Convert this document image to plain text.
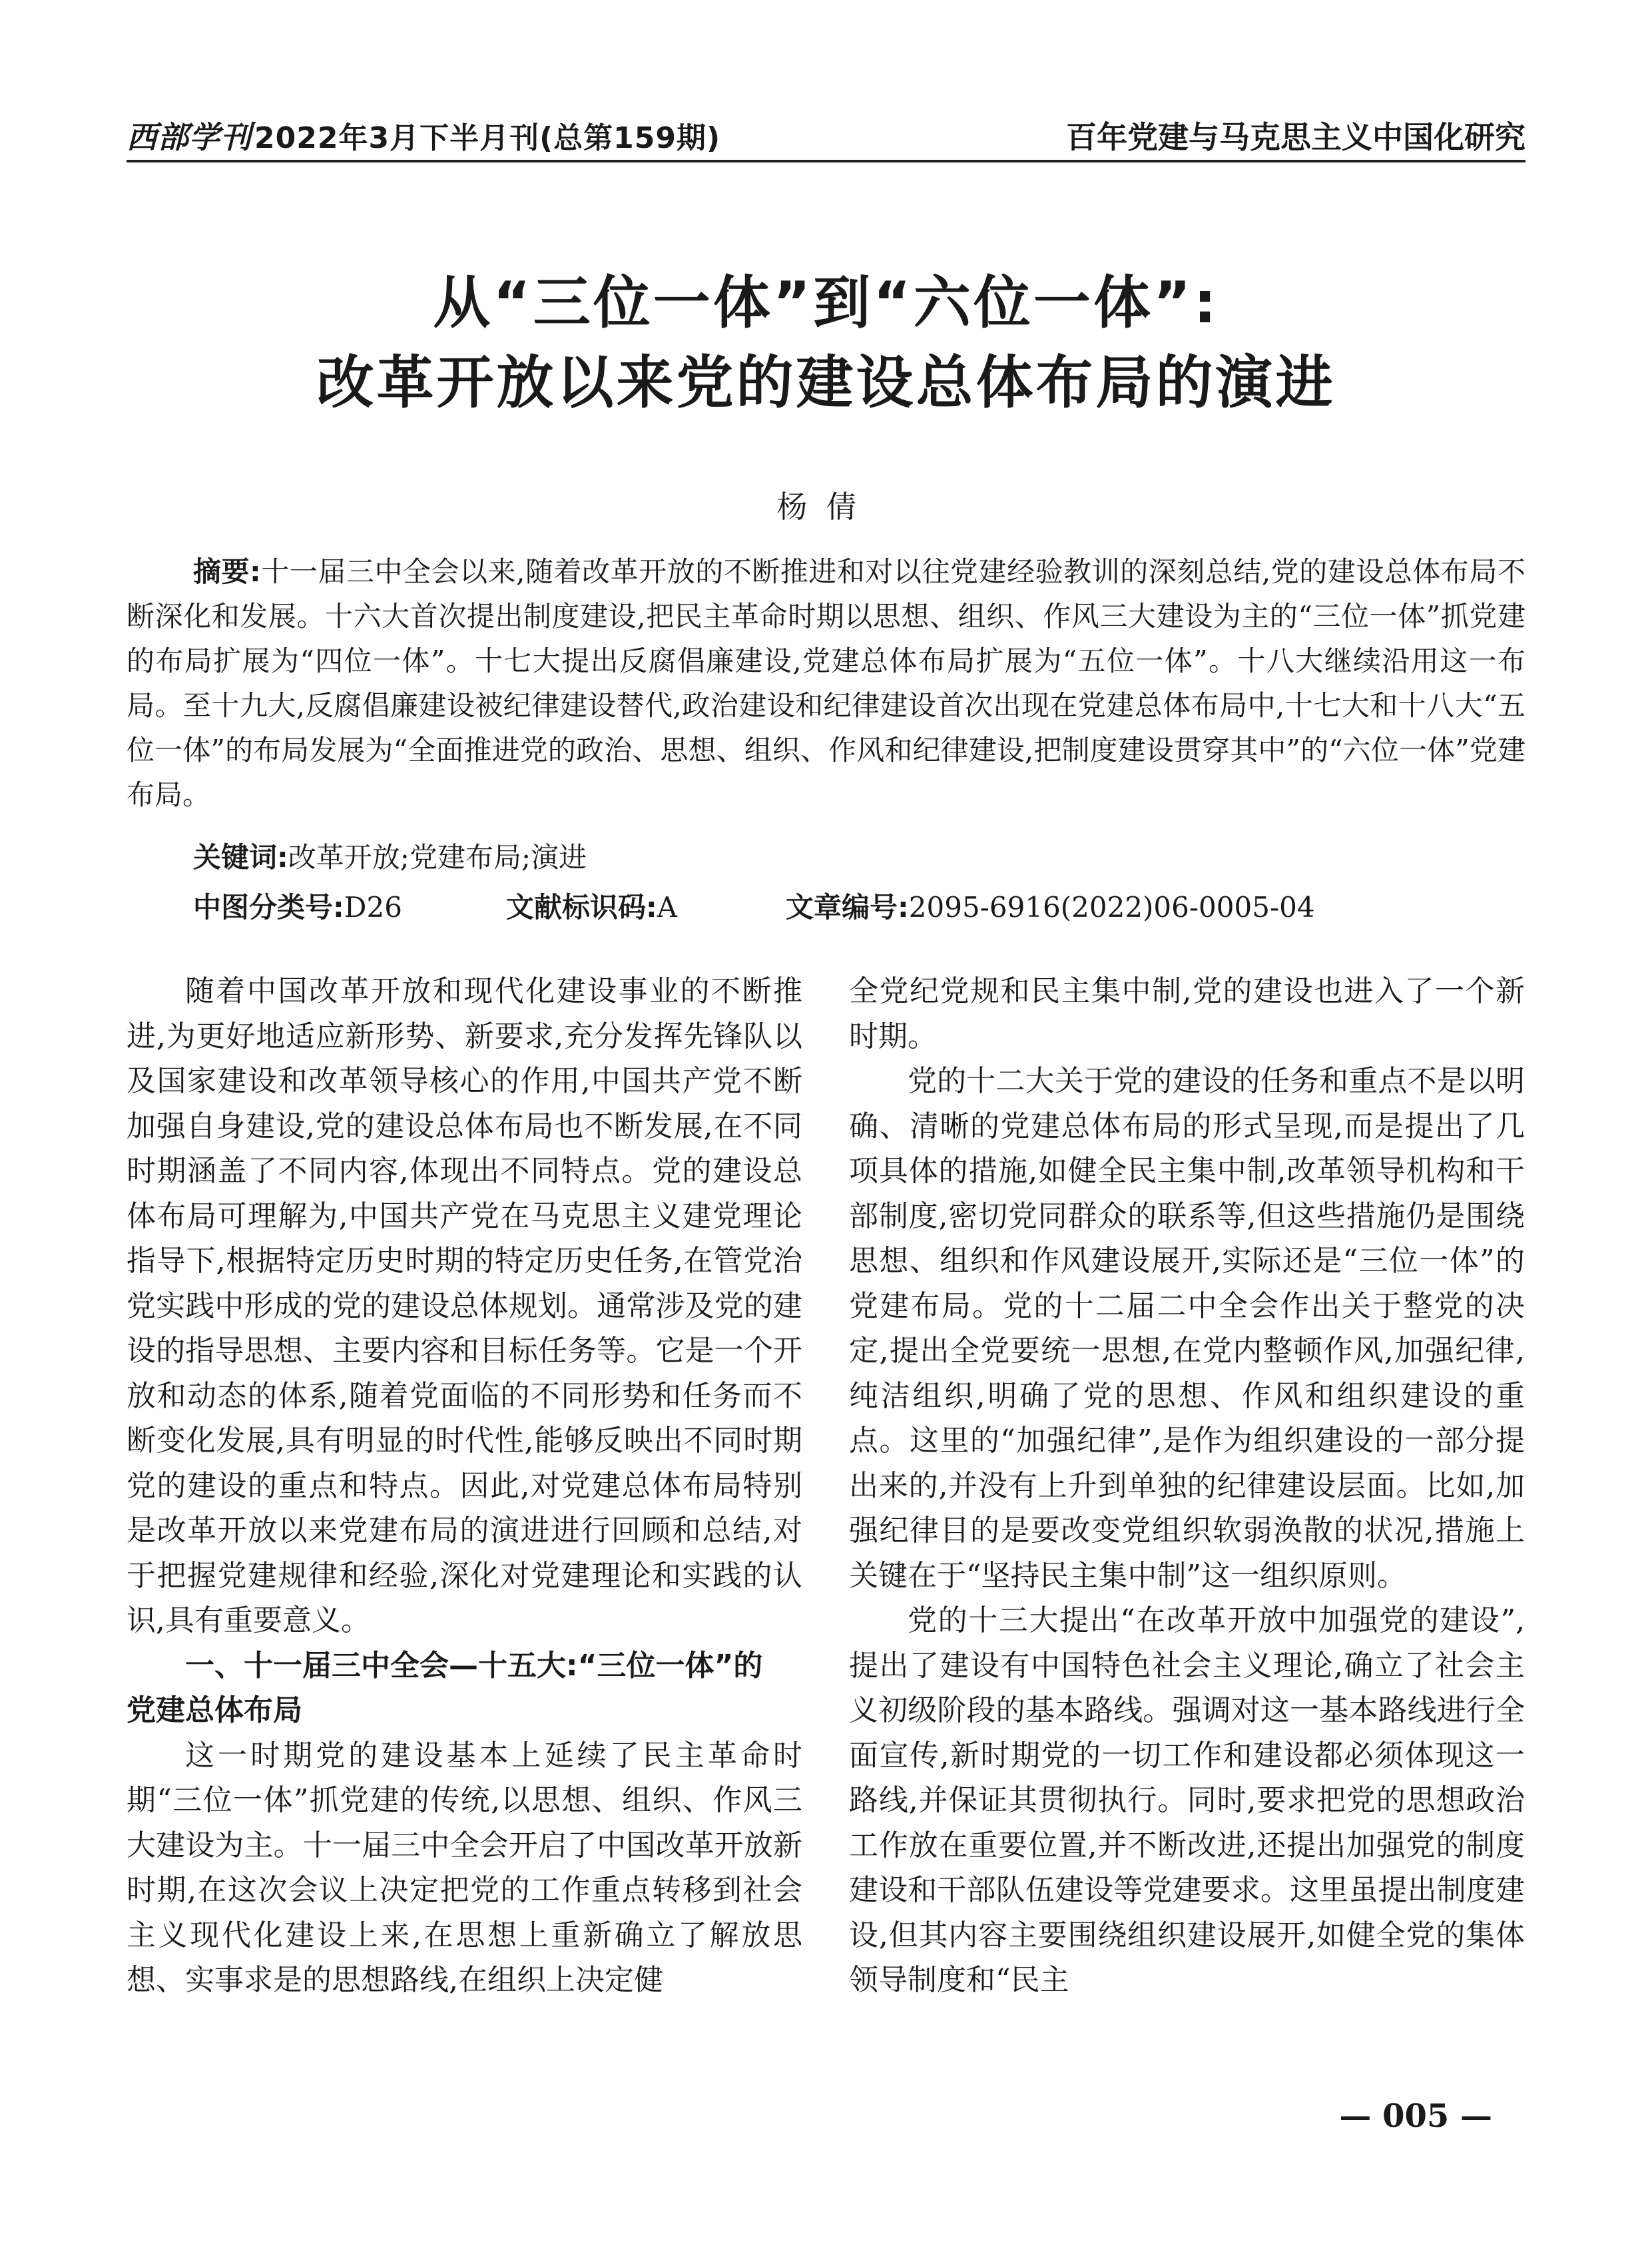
西部学刊2022年3月下半月刊(总第159期)	百年党建与马克思主义中国化研究
从“三位一体”到“六位一体”:
改革开放以来党的建设总体布局的演进
杨倩
摘要:十一届三中全会以来,随着改革开放的不断推进和对以往党建经验教训的深刻总结,党的建设总体布局不断深化和发展。十六大首次提出制度建设,把民主革命时期以思想、组织、作风三大建设为主的“三位一体”抓党建的布局扩展为“四位一体”。十七大提出反腐倡廉建设,党建总体布局扩展为“五位一体”。十八大继续沿用这一布局。至十九大,反腐倡廉建设被纪律建设替代,政治建设和纪律建设首次出现在党建总体布局中,十七大和十八大“五位一体”的布局发展为“全面推进党的政治、思想、组织、作风和纪律建设,把制度建设贯穿其中”的“六位一体”党建布局。
关键词:改革开放;党建布局;演进
中图分类号:D26	文献标识码:A	文章编号:2095-6916(2022)06-0005-04

随着中国改革开放和现代化建设事业的不断推进,为更好地适应新形势、新要求,充分发挥先锋队以及国家建设和改革领导核心的作用,中国共产党不断加强自身建设,党的建设总体布局也不断发展,在不同时期涵盖了不同内容,体现出不同特点。党的建设总体布局可理解为,中国共产党在马克思主义建党理论指导下,根据特定历史时期的特定历史任务,在管党治党实践中形成的党的建设总体规划。通常涉及党的建设的指导思想、主要内容和目标任务等。它是一个开放和动态的体系,随着党面临的不同形势和任务而不断变化发展,具有明显的时代性,能够反映出不同时期党的建设的重点和特点。因此,对党建总体布局特别是改革开放以来党建布局的演进进行回顾和总结,对于把握党建规律和经验,深化对党建理论和实践的认识,具有重要意义。

一、十一届三中全会—十五大:“三位一体”的
党建总体布局

这一时期党的建设基本上延续了民主革命时期“三位一体”抓党建的传统,以思想、组织、作风三大建设为主。十一届三中全会开启了中国改革开放新时期,在这次会议上决定把党的工作重点转移到社会主义现代化建设上来,在思想上重新确立了解放思想、实事求是的思想路线,在组织上决定健

全党纪党规和民主集中制,党的建设也进入了一个新时期。

党的十二大关于党的建设的任务和重点不是以明确、清晰的党建总体布局的形式呈现,而是提出了几项具体的措施,如健全民主集中制,改革领导机构和干部制度,密切党同群众的联系等,但这些措施仍是围绕思想、组织和作风建设展开,实际还是“三位一体”的党建布局。党的十二届二中全会作出关于整党的决定,提出全党要统一思想,在党内整顿作风,加强纪律,纯洁组织,明确了党的思想、作风和组织建设的重点。这里的“加强纪律”,是作为组织建设的一部分提出来的,并没有上升到单独的纪律建设层面。比如,加强纪律目的是要改变党组织软弱涣散的状况,措施上关键在于“坚持民主集中制”这一组织原则。

党的十三大提出“在改革开放中加强党的建设”,提出了建设有中国特色社会主义理论,确立了社会主义初级阶段的基本路线。强调对这一基本路线进行全面宣传,新时期党的一切工作和建设都必须体现这一路线,并保证其贯彻执行。同时,要求把党的思想政治工作放在重要位置,并不断改进,还提出加强党的制度建设和干部队伍建设等党建要求。这里虽提出制度建设,但其内容主要围绕组织建设展开,如健全党的集体领导制度和“民主

— 005 —
